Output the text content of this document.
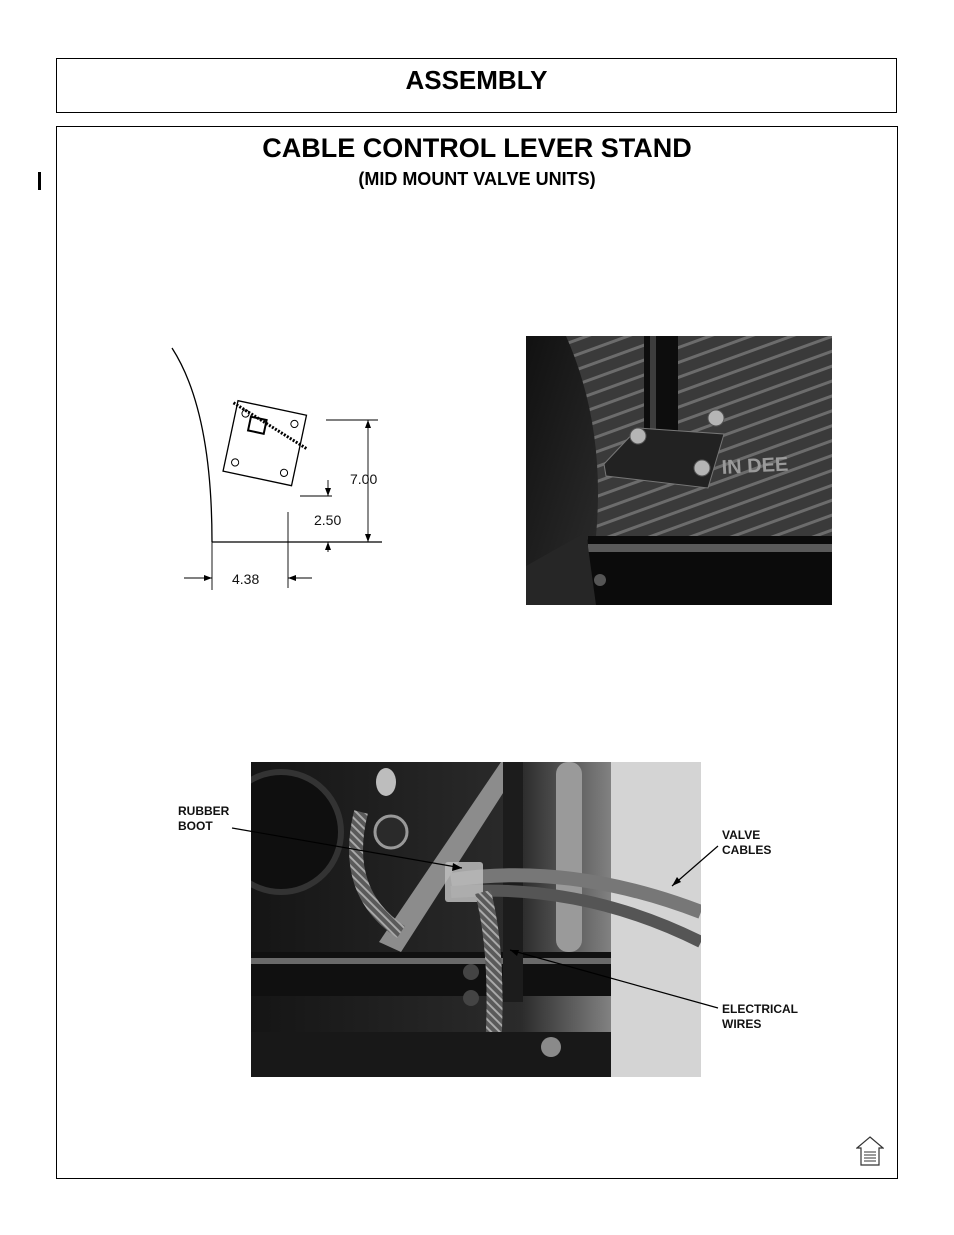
ASSEMBLY
CABLE CONTROL LEVER STAND
(MID MOUNT VALVE UNITS)
7.00
2.50
4.38
IN DEE
RUBBER
BOOT
VALVE
CABLES
ELECTRICAL
WIRES
